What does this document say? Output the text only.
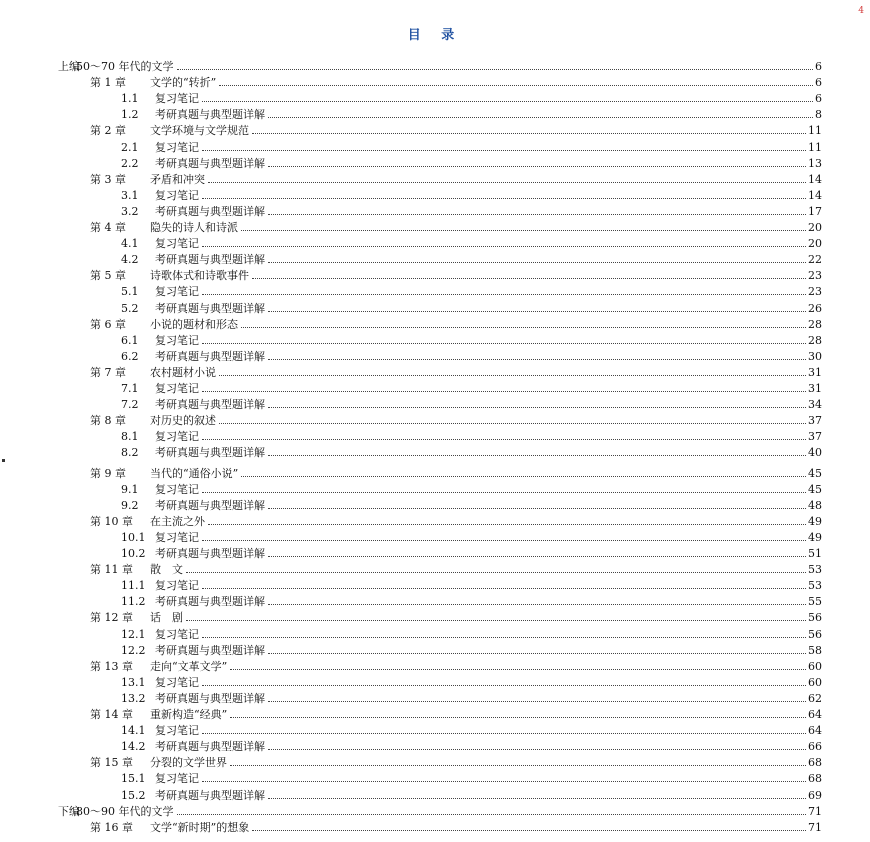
4
目 录
上编
50～70 年代的文学	6
第 1 章	文学的“转折”	6
1.1	复习笔记	6
1.2	考研真题与典型题详解	8
第 2 章	文学环境与文学规范	11
2.1	复习笔记	11
2.2	考研真题与典型题详解	13
第 3 章	矛盾和冲突	14
3.1	复习笔记	14
3.2	考研真题与典型题详解	17
第 4 章	隐失的诗人和诗派	20
4.1	复习笔记	20
4.2	考研真题与典型题详解	22
第 5 章	诗歌体式和诗歌事件	23
5.1	复习笔记	23
5.2	考研真题与典型题详解	26
第 6 章	小说的题材和形态	28
6.1	复习笔记	28
6.2	考研真题与典型题详解	30
第 7 章	农村题材小说	31
7.1	复习笔记	31
7.2	考研真题与典型题详解	34
第 8 章	对历史的叙述	37
8.1	复习笔记	37
8.2	考研真题与典型题详解	40
第 9 章	当代的“通俗小说”	45
9.1	复习笔记	45
9.2	考研真题与典型题详解	48
第 10 章	在主流之外	49
10.1 复习笔记	49
10.2 考研真题与典型题详解	51
第 11 章	散　文	53
11.1 复习笔记	53
11.2 考研真题与典型题详解	55
第 12 章	话　剧	56
12.1 复习笔记	56
12.2 考研真题与典型题详解	58
第 13 章	走向“文革文学”	60
13.1 复习笔记	60
13.2 考研真题与典型题详解	62
第 14 章	重新构造“经典”	64
14.1 复习笔记	64
14.2 考研真题与典型题详解	66
第 15 章	分裂的文学世界	68
15.1 复习笔记	68
15.2 考研真题与典型题详解	69
下编
80～90 年代的文学	71
第 16 章	文学“新时期”的想象	71
